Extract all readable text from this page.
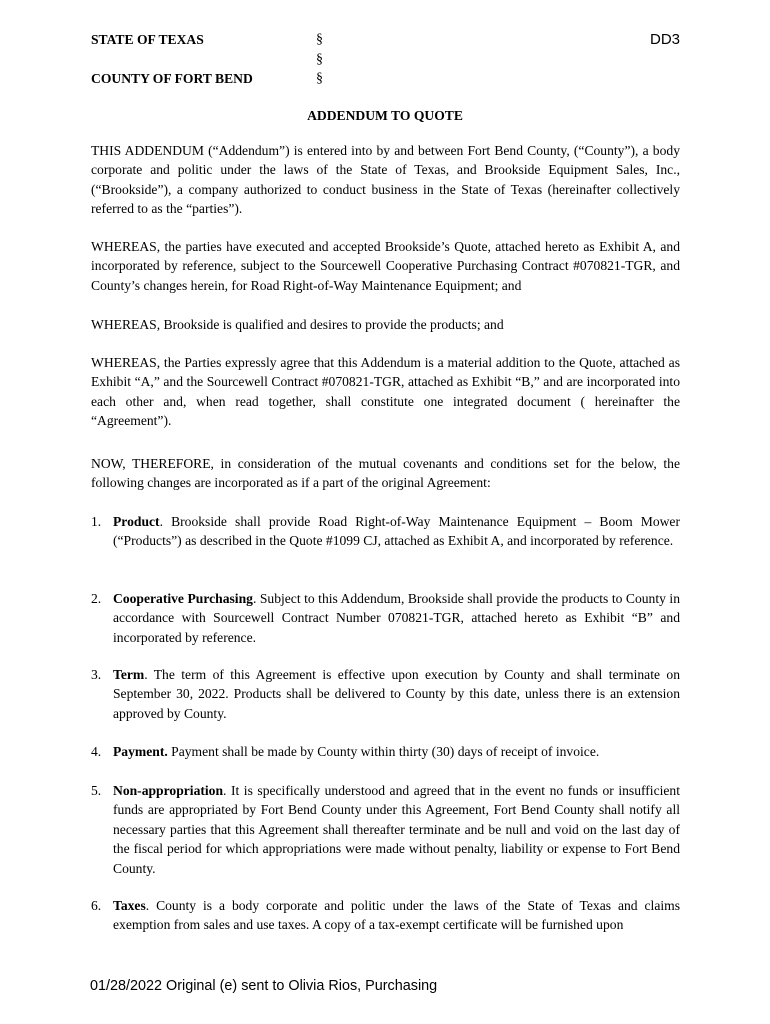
STATE OF TEXAS
COUNTY OF FORT BEND
§
§
§
DD3
ADDENDUM TO QUOTE
THIS ADDENDUM (“Addendum”) is entered into by and between Fort Bend County, (“County”), a body corporate and politic under the laws of the State of Texas, and Brookside Equipment Sales, Inc., (“Brookside”), a company authorized to conduct business in the State of Texas (hereinafter collectively referred to as the “parties”).
WHEREAS, the parties have executed and accepted Brookside’s Quote, attached hereto as Exhibit A, and incorporated by reference, subject to the Sourcewell Cooperative Purchasing Contract #070821-TGR, and County’s changes herein, for Road Right-of-Way Maintenance Equipment; and
WHEREAS, Brookside is qualified and desires to provide the products; and
WHEREAS, the Parties expressly agree that this Addendum is a material addition to the Quote, attached as Exhibit “A,” and the Sourcewell Contract #070821-TGR, attached as Exhibit “B,” and are incorporated into each other and, when read together, shall constitute one integrated document ( hereinafter the “Agreement”).
NOW, THEREFORE, in consideration of the mutual covenants and conditions set for the below, the following changes are incorporated as if a part of the original Agreement:
1. Product. Brookside shall provide Road Right-of-Way Maintenance Equipment – Boom Mower (“Products”) as described in the Quote #1099 CJ, attached as Exhibit A, and incorporated by reference.
2. Cooperative Purchasing. Subject to this Addendum, Brookside shall provide the products to County in accordance with Sourcewell Contract Number 070821-TGR, attached hereto as Exhibit “B” and incorporated by reference.
3. Term. The term of this Agreement is effective upon execution by County and shall terminate on September 30, 2022. Products shall be delivered to County by this date, unless there is an extension approved by County.
4. Payment. Payment shall be made by County within thirty (30) days of receipt of invoice.
5. Non-appropriation. It is specifically understood and agreed that in the event no funds or insufficient funds are appropriated by Fort Bend County under this Agreement, Fort Bend County shall notify all necessary parties that this Agreement shall thereafter terminate and be null and void on the last day of the fiscal period for which appropriations were made without penalty, liability or expense to Fort Bend County.
6. Taxes. County is a body corporate and politic under the laws of the State of Texas and claims exemption from sales and use taxes. A copy of a tax-exempt certificate will be furnished upon
01/28/2022 Original (e) sent to Olivia Rios, Purchasing
